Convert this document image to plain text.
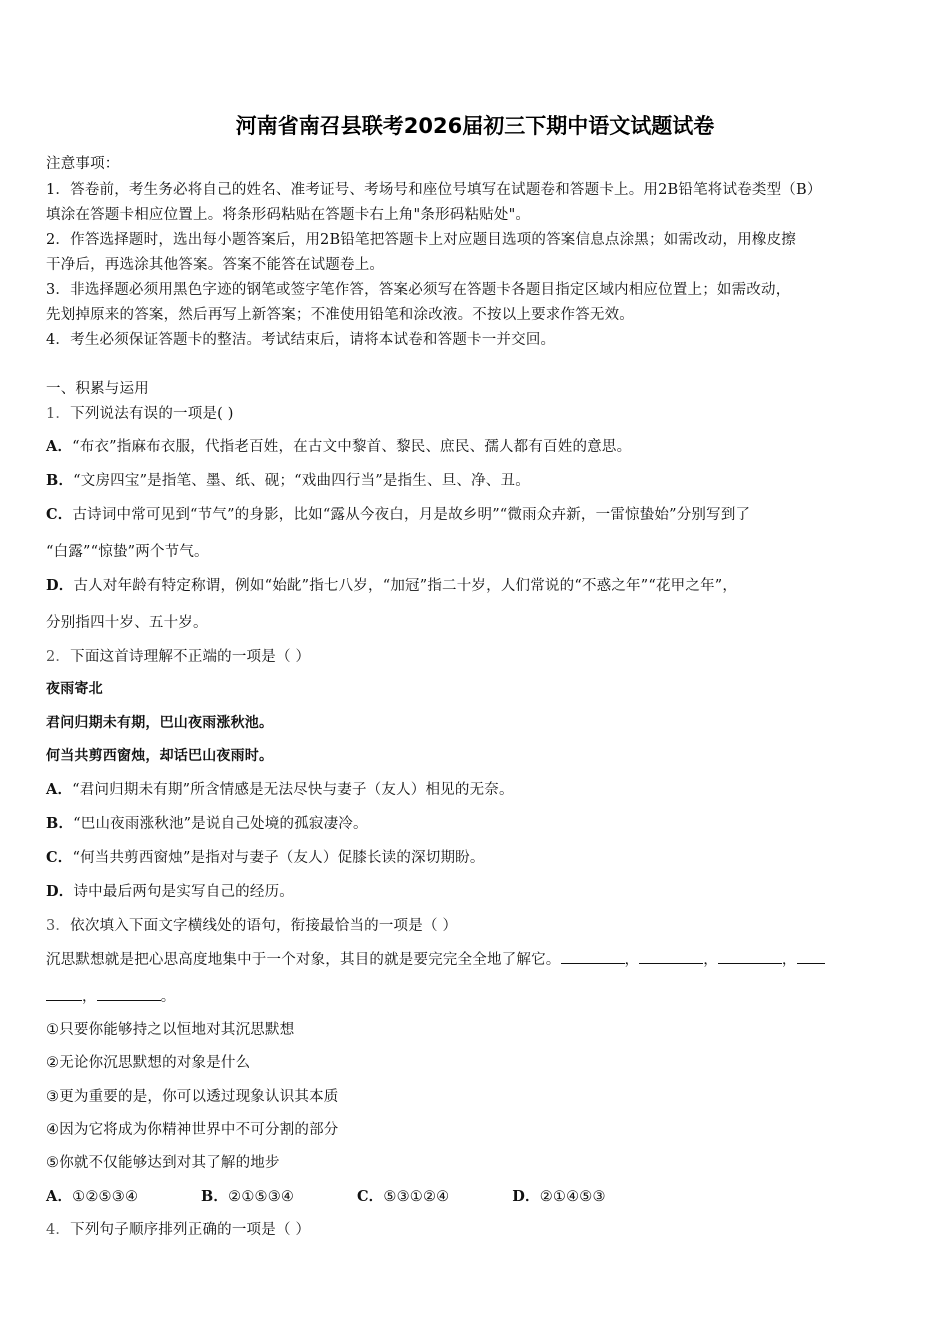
河南省南召县联考2026届初三下期中语文试题试卷
注意事项：
1．答卷前，考生务必将自己的姓名、准考证号、考场号和座位号填写在试题卷和答题卡上。用2B铅笔将试卷类型（B）
填涂在答题卡相应位置上。将条形码粘贴在答题卡右上角"条形码粘贴处"。
2．作答选择题时，选出每小题答案后，用2B铅笔把答题卡上对应题目选项的答案信息点涂黑；如需改动，用橡皮擦
干净后，再选涂其他答案。答案不能答在试题卷上。
3．非选择题必须用黑色字迹的钢笔或签字笔作答，答案必须写在答题卡各题目指定区域内相应位置上；如需改动，
先划掉原来的答案，然后再写上新答案；不准使用铅笔和涂改液。不按以上要求作答无效。
4．考生必须保证答题卡的整洁。考试结束后，请将本试卷和答题卡一并交回。
一、积累与运用
1．下列说法有误的一项是( )
A．“布衣”指麻布衣服，代指老百姓，在古文中黎首、黎民、庶民、孺人都有百姓的意思。
B．“文房四宝”是指笔、墨、纸、砚；“戏曲四行当”是指生、旦、净、丑。
C．古诗词中常可见到“节气”的身影，比如“露从今夜白，月是故乡明”“微雨众卉新，一雷惊蛰始”分别写到了
“白露”“惊蛰”两个节气。
D．古人对年龄有特定称谓，例如“始龀”指七八岁，“加冠”指二十岁，人们常说的“不惑之年”“花甲之年”，
分别指四十岁、五十岁。
2．下面这首诗理解不正端的一项是（ ）
夜雨寄北
君问归期未有期，巴山夜雨涨秋池。
何当共剪西窗烛，却话巴山夜雨时。
A．“君问归期未有期”所含情感是无法尽快与妻子（友人）相见的无奈。
B．“巴山夜雨涨秋池”是说自己处境的孤寂凄冷。
C．“何当共剪西窗烛”是指对与妻子（友人）促膝长读的深切期盼。
D．诗中最后两句是实写自己的经历。
3．依次填入下面文字横线处的语句，衔接最恰当的一项是（ ）
沉思默想就是把心思高度地集中于一个对象，其目的就是要完完全全地了解它。	，	，	，
，	。
①只要你能够持之以恒地对其沉思默想
②无论你沉思默想的对象是什么
③更为重要的是，你可以透过现象认识其本质
④因为它将成为你精神世界中不可分割的部分
⑤你就不仅能够达到对其了解的地步
A．①②⑤③④	B．②①⑤③④	C．⑤③①②④	D．②①④⑤③
4．下列句子顺序排列正确的一项是（ ）
